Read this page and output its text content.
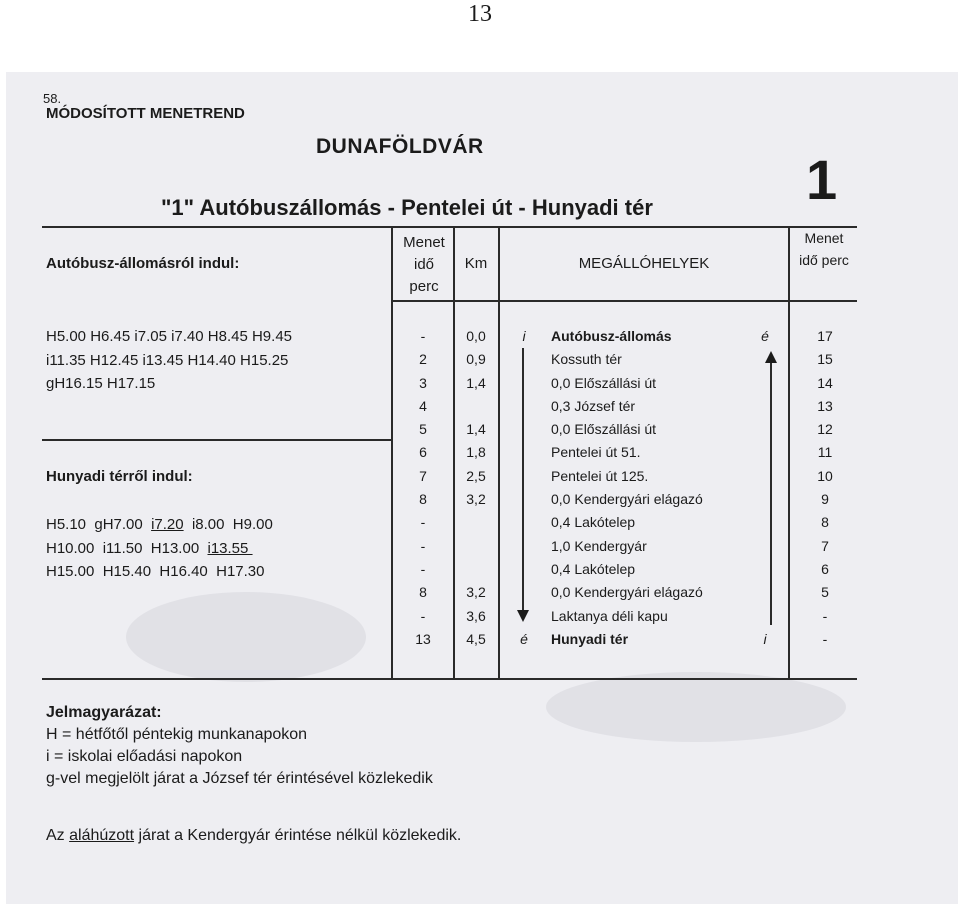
13
58.
MÓDOSÍTOTT MENETREND
DUNAFÖLDVÁR
1
"1" Autóbuszállomás - Pentelei út - Hunyadi tér
Autóbusz-állomásról indul:
Menet
idő
perc
Km	MEGÁLLÓHELYEK
Menet
idő perc
H5.00 H6.45 i7.05 i7.40 H8.45 H9.45
i11.35 H12.45 i13.45 H14.40 H15.25
gH16.15 H17.15
Hunyadi térről indul:
H5.10  gH7.00  i7.20  i8.00  H9.00
H10.00  i11.50  H13.00  i13.55
H15.00  H15.40  H16.40  H17.30
-
2
3
4
5
6
7
8
-
-
-
8
-
13
0,0
0,9
1,4

1,4
1,8
2,5
3,2

3,2
3,6
4,5
i

é
Autóbusz-állomás
Kossuth tér
0,0 Előszállási út
0,3 József tér
0,0 Előszállási út
Pentelei út 51.
Pentelei út 125.
0,0 Kendergyári elágazó
0,4 Lakótelep
1,0 Kendergyár
0,4 Lakótelep
0,0 Kendergyári elágazó
Laktanya déli kapu
Hunyadi tér
é

i
17
15
14
13
12
11
10
9
8
7
6
5
-
-
Jelmagyarázat:
H = hétfőtől péntekig munkanapokon
i = iskolai előadási napokon
g-vel megjelölt járat a József tér érintésével közlekedik
Az aláhúzott járat a Kendergyár érintése nélkül közlekedik.
